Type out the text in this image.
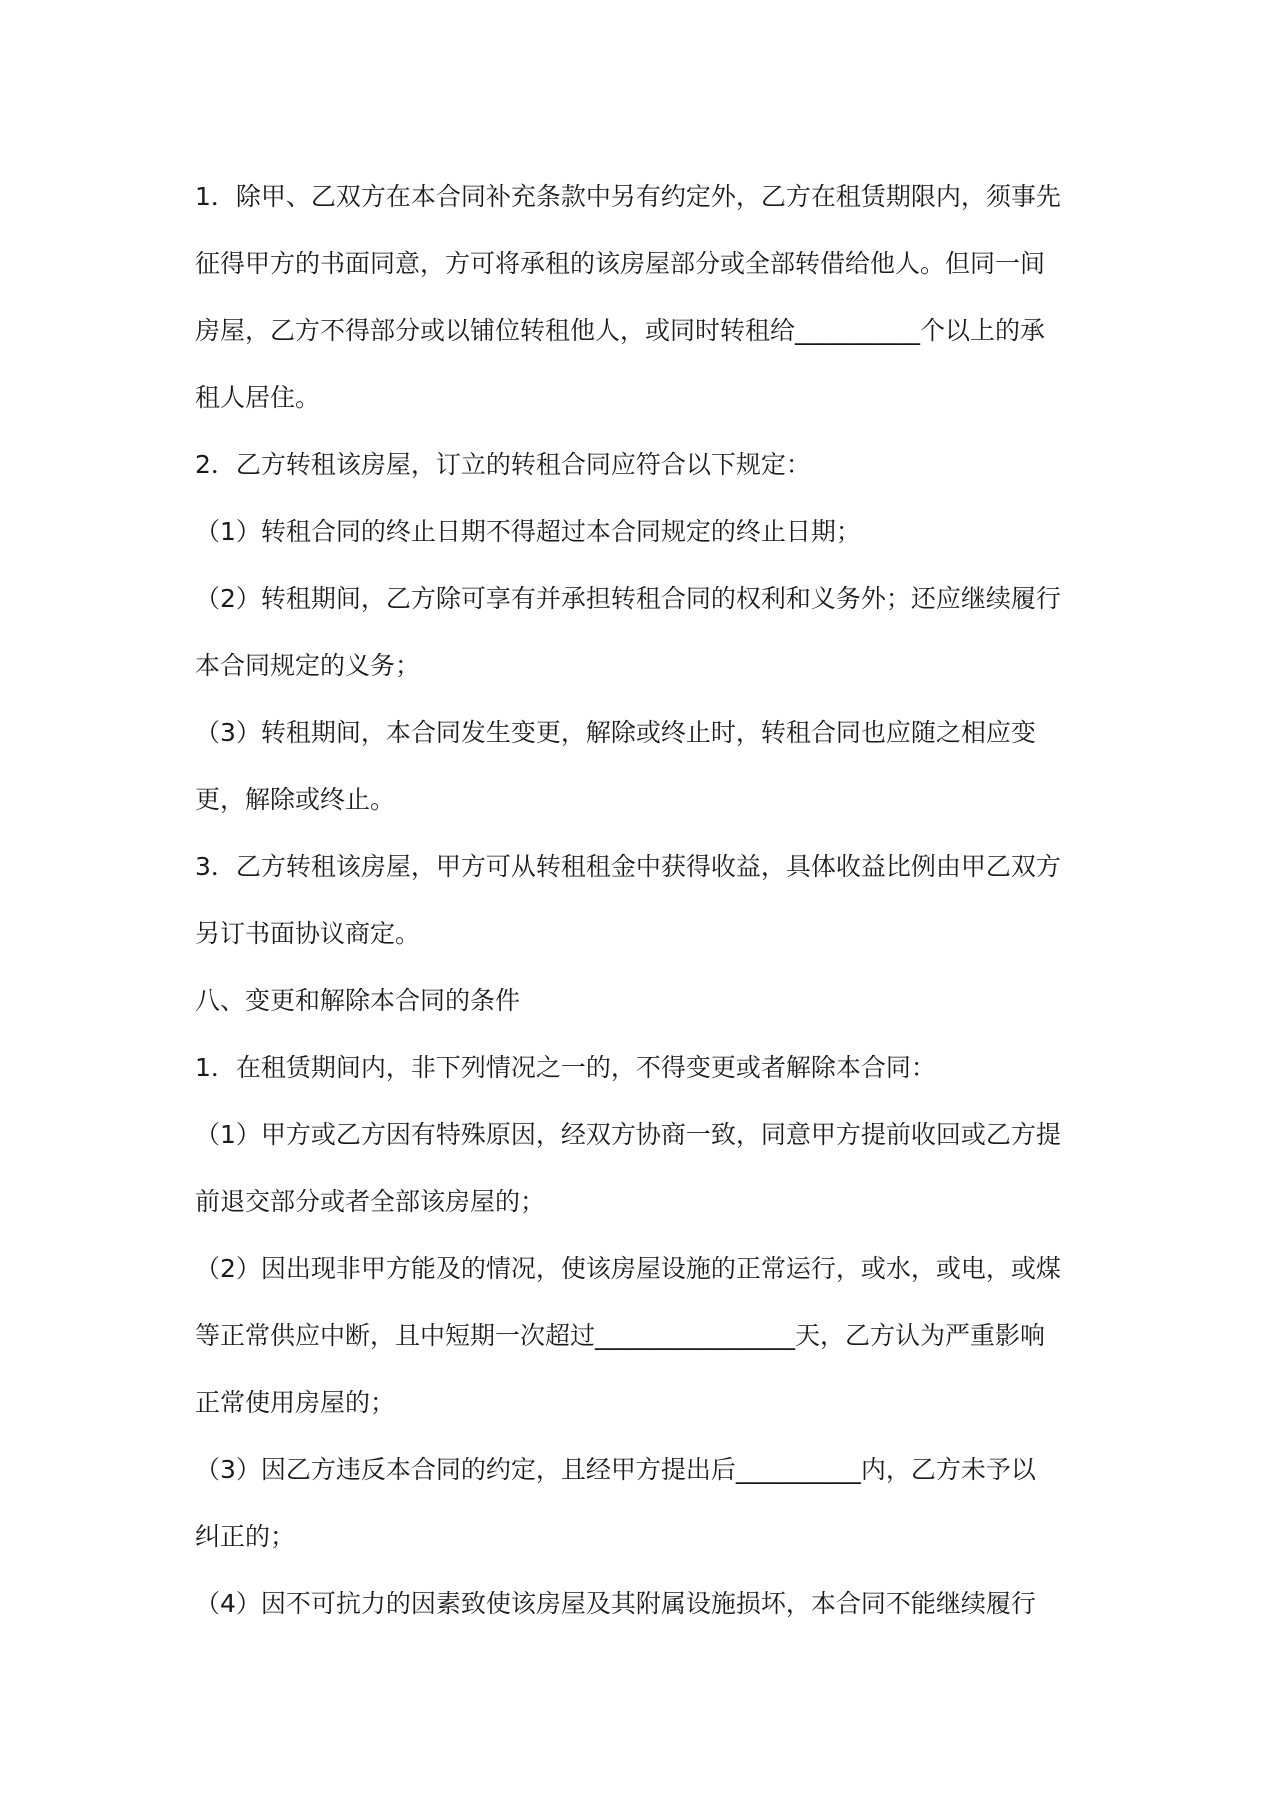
1．除甲、乙双方在本合同补充条款中另有约定外，乙方在租赁期限内，须事先
征得甲方的书面同意，方可将承租的该房屋部分或全部转借给他人。但同一间
房屋，乙方不得部分或以铺位转租他人，或同时转租给__________个以上的承
租人居住。
2．乙方转租该房屋，订立的转租合同应符合以下规定：
（1）转租合同的终止日期不得超过本合同规定的终止日期；
（2）转租期间，乙方除可享有并承担转租合同的权利和义务外；还应继续履行
本合同规定的义务；
（3）转租期间，本合同发生变更，解除或终止时，转租合同也应随之相应变
更，解除或终止。
3．乙方转租该房屋，甲方可从转租租金中获得收益，具体收益比例由甲乙双方
另订书面协议商定。
八、变更和解除本合同的条件
1．在租赁期间内，非下列情况之一的，不得变更或者解除本合同：
（1）甲方或乙方因有特殊原因，经双方协商一致，同意甲方提前收回或乙方提
前退交部分或者全部该房屋的；
（2）因出现非甲方能及的情况，使该房屋设施的正常运行，或水，或电，或煤
等正常供应中断，且中短期一次超过________________天，乙方认为严重影响
正常使用房屋的；
（3）因乙方违反本合同的约定，且经甲方提出后__________内，乙方未予以
纠正的；
（4）因不可抗力的因素致使该房屋及其附属设施损坏，本合同不能继续履行
